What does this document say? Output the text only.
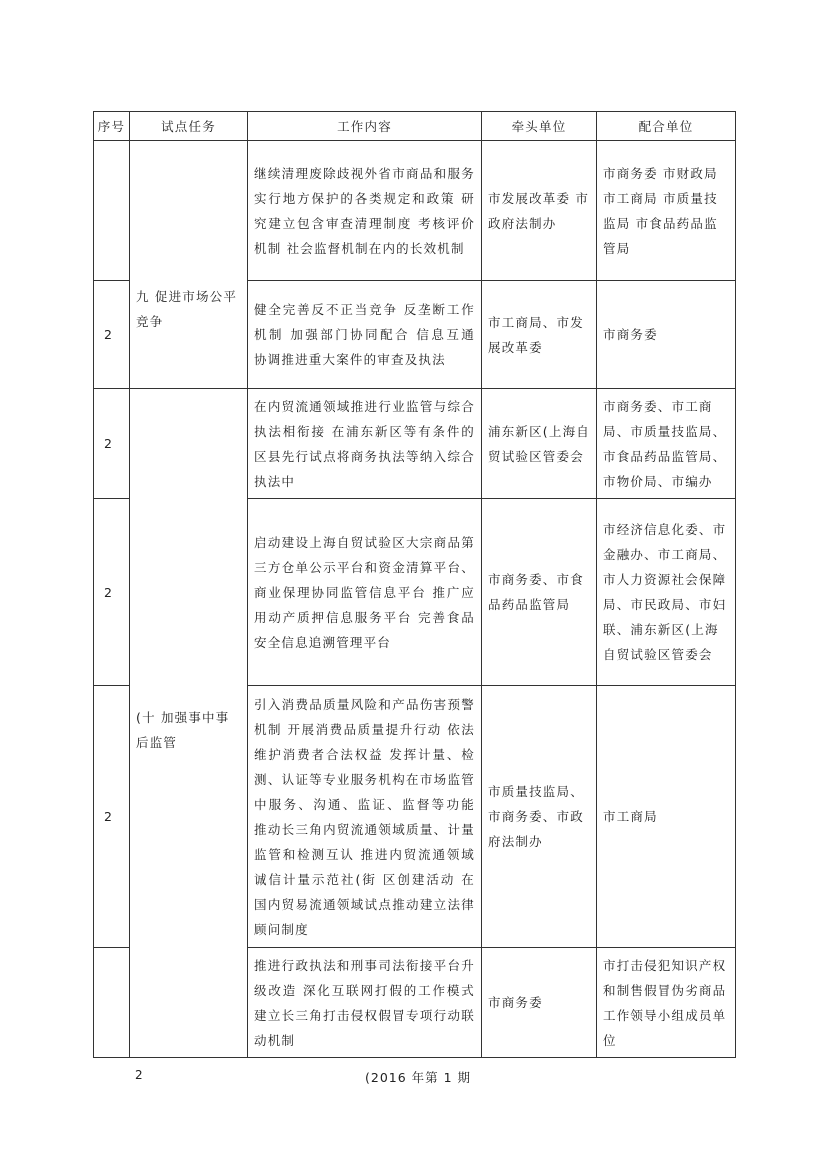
序号	试点任务	工作内容	牵头单位	配合单位

	九 促进市场公平竞争	继续清理废除歧视外省市商品和服务 实行地方保护的各类规定和政策 研究建立包含审查清理制度 考核评价机制 社会监督机制在内的长效机制	市发展改革委 市政府法制办	市商务委 市财政局 市工商局 市质量技监局 市食品药品监管局
2		健全完善反不正当竞争 反垄断工作机制 加强部门协同配合 信息互通 协调推进重大案件的审查及执法	市工商局、市发展改革委	市商务委
2	(十 加强事中事后监管	在内贸流通领域推进行业监管与综合执法相衔接 在浦东新区等有条件的区县先行试点将商务执法等纳入综合执法中	浦东新区(上海自贸试验区管委会	市商务委、市工商局、市质量技监局、市食品药品监管局、市物价局、市编办
2		启动建设上海自贸试验区大宗商品第三方仓单公示平台和资金清算平台、商业保理协同监管信息平台 推广应用动产质押信息服务平台 完善食品安全信息追溯管理平台	市商务委、市食品药品监管局	市经济信息化委、市金融办、市工商局、市人力资源社会保障局、市民政局、市妇联、浦东新区(上海自贸试验区管委会
2		引入消费品质量风险和产品伤害预警机制 开展消费品质量提升行动 依法维护消费者合法权益 发挥计量、检测、认证等专业服务机构在市场监管中服务、沟通、监证、监督等功能 推动长三角内贸流通领域质量、计量监管和检测互认 推进内贸流通领域诚信计量示范社(街 区创建活动 在国内贸易流通领域试点推动建立法律顾问制度	市质量技监局、市商务委、市政府法制办	市工商局
		推进行政执法和刑事司法衔接平台升级改造 深化互联网打假的工作模式 建立长三角打击侵权假冒专项行动联动机制	市商务委	市打击侵犯知识产权和制售假冒伪劣商品工作领导小组成员单位
2	(2016 年第 1 期
